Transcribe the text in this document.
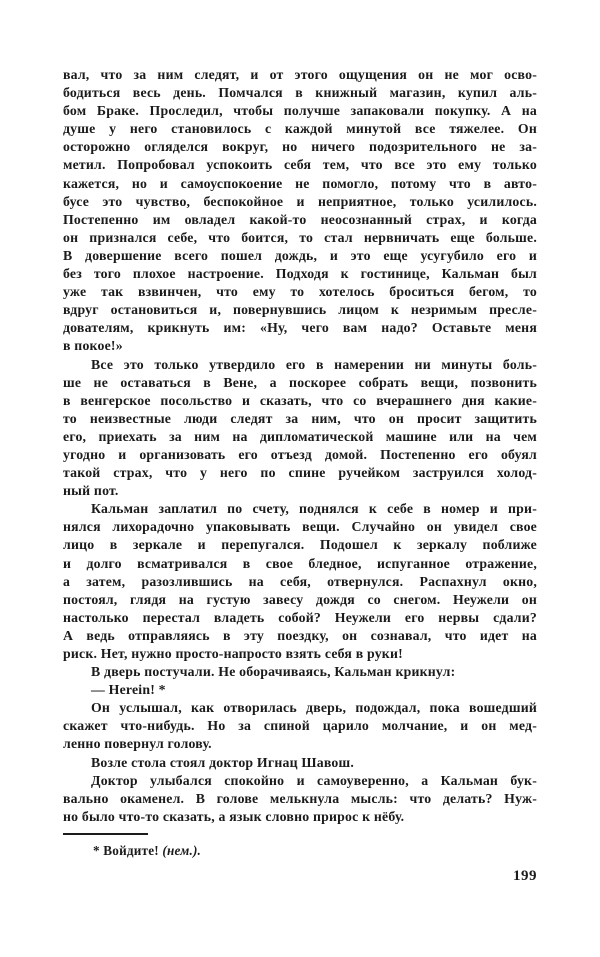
вал, что за ним следят, и от этого ощущения он не мог осво-
бодиться весь день. Помчался в книжный магазин, купил аль-
бом Браке. Проследил, чтобы получше запаковали покупку. А на
душе у него становилось с каждой минутой все тяжелее. Он
осторожно огляделся вокруг, но ничего подозрительного не за-
метил. Попробовал успокоить себя тем, что все это ему только
кажется, но и самоуспокоение не помогло, потому что в авто-
бусе это чувство, беспокойное и неприятное, только усилилось.
Постепенно им овладел какой-то неосознанный страх, и когда
он признался себе, что боится, то стал нервничать еще больше.
В довершение всего пошел дождь, и это еще усугубило его и
без того плохое настроение. Подходя к гостинице, Кальман был
уже так взвинчен, что ему то хотелось броситься бегом, то
вдруг остановиться и, повернувшись лицом к незримым пресле-
дователям, крикнуть им: «Ну, чего вам надо? Оставьте меня
в покое!»
Все это только утвердило его в намерении ни минуты боль-
ше не оставаться в Вене, а поскорее собрать вещи, позвонить
в венгерское посольство и сказать, что со вчерашнего дня какие-
то неизвестные люди следят за ним, что он просит защитить
его, приехать за ним на дипломатической машине или на чем
угодно и организовать его отъезд домой. Постепенно его обуял
такой страх, что у него по спине ручейком заструился холод-
ный пот.
Кальман заплатил по счету, поднялся к себе в номер и при-
нялся лихорадочно упаковывать вещи. Случайно он увидел свое
лицо в зеркале и перепугался. Подошел к зеркалу поближе
и долго всматривался в свое бледное, испуганное отражение,
а затем, разозлившись на себя, отвернулся. Распахнул окно,
постоял, глядя на густую завесу дождя со снегом. Неужели он
настолько перестал владеть собой? Неужели его нервы сдали?
А ведь отправляясь в эту поездку, он сознавал, что идет на
риск. Нет, нужно просто-напросто взять себя в руки!
В дверь постучали. Не оборачиваясь, Кальман крикнул:
— Herein! *
Он услышал, как отворилась дверь, подождал, пока вошедший
скажет что-нибудь. Но за спиной царило молчание, и он мед-
ленно повернул голову.
Возле стола стоял доктор Игнац Шавош.
Доктор улыбался спокойно и самоуверенно, а Кальман бук-
вально окаменел. В голове мелькнула мысль: что делать? Нуж-
но было что-то сказать, а язык словно прирос к нёбу.
* Войдите! (нем.).
199
